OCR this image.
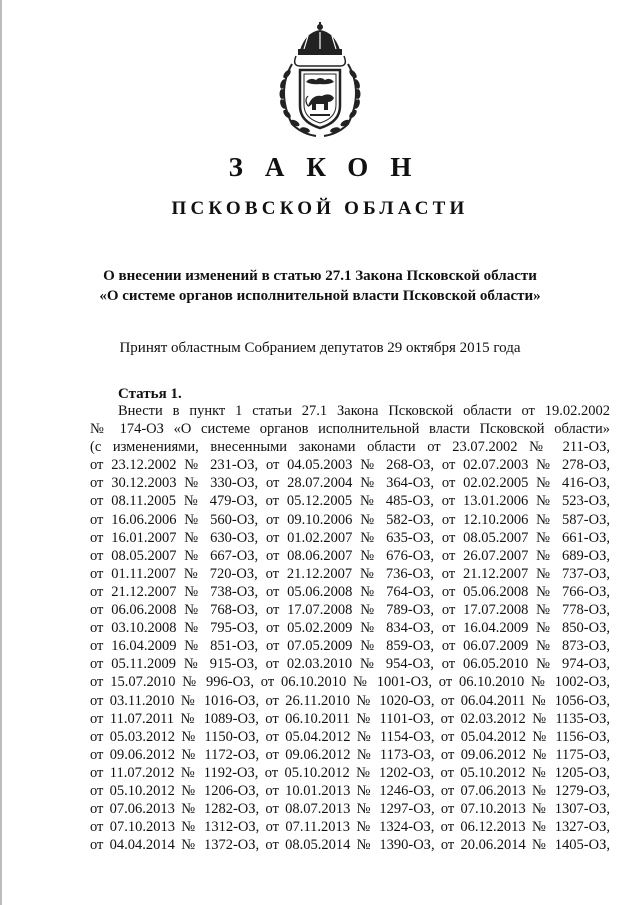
ЗАКОН
ПСКОВСКОЙ ОБЛАСТИ
О внесении изменений в статью 27.1 Закона Псковской области
«О системе органов исполнительной власти Псковской области»
Принят областным Собранием депутатов 29 октября 2015 года
Статья 1.
Внести в пункт 1 статьи 27.1 Закона Псковской области от 19.02.2002
№ 174-ОЗ «О системе органов исполнительной власти Псковской области»
(с изменениями, внесенными законами области от 23.07.2002 № 211-ОЗ,
от 23.12.2002 № 231-ОЗ, от 04.05.2003 № 268-ОЗ, от 02.07.2003 № 278-ОЗ,
от 30.12.2003 № 330-ОЗ, от 28.07.2004 № 364-ОЗ, от 02.02.2005 № 416-ОЗ,
от 08.11.2005 № 479-ОЗ, от 05.12.2005 № 485-ОЗ, от 13.01.2006 № 523-ОЗ,
от 16.06.2006 № 560-ОЗ, от 09.10.2006 № 582-ОЗ, от 12.10.2006 № 587-ОЗ,
от 16.01.2007 № 630-ОЗ, от 01.02.2007 № 635-ОЗ, от 08.05.2007 № 661-ОЗ,
от 08.05.2007 № 667-ОЗ, от 08.06.2007 № 676-ОЗ, от 26.07.2007 № 689-ОЗ,
от 01.11.2007 № 720-ОЗ, от 21.12.2007 № 736-ОЗ, от 21.12.2007 № 737-ОЗ,
от 21.12.2007 № 738-ОЗ, от 05.06.2008 № 764-ОЗ, от 05.06.2008 № 766-ОЗ,
от 06.06.2008 № 768-ОЗ, от 17.07.2008 № 789-ОЗ, от 17.07.2008 № 778-ОЗ,
от 03.10.2008 № 795-ОЗ, от 05.02.2009 № 834-ОЗ, от 16.04.2009 № 850-ОЗ,
от 16.04.2009 № 851-ОЗ, от 07.05.2009 № 859-ОЗ, от 06.07.2009 № 873-ОЗ,
от 05.11.2009 № 915-ОЗ, от 02.03.2010 № 954-ОЗ, от 06.05.2010 № 974-ОЗ,
от 15.07.2010 № 996-ОЗ, от 06.10.2010 № 1001-ОЗ, от 06.10.2010 № 1002-ОЗ,
от 03.11.2010 № 1016-ОЗ, от 26.11.2010 № 1020-ОЗ, от 06.04.2011 № 1056-ОЗ,
от 11.07.2011 № 1089-ОЗ, от 06.10.2011 № 1101-ОЗ, от 02.03.2012 № 1135-ОЗ,
от 05.03.2012 № 1150-ОЗ, от 05.04.2012 № 1154-ОЗ, от 05.04.2012 № 1156-ОЗ,
от 09.06.2012 № 1172-ОЗ, от 09.06.2012 № 1173-ОЗ, от 09.06.2012 № 1175-ОЗ,
от 11.07.2012 № 1192-ОЗ, от 05.10.2012 № 1202-ОЗ, от 05.10.2012 № 1205-ОЗ,
от 05.10.2012 № 1206-ОЗ, от 10.01.2013 № 1246-ОЗ, от 07.06.2013 № 1279-ОЗ,
от 07.06.2013 № 1282-ОЗ, от 08.07.2013 № 1297-ОЗ, от 07.10.2013 № 1307-ОЗ,
от 07.10.2013 № 1312-ОЗ, от 07.11.2013 № 1324-ОЗ, от 06.12.2013 № 1327-ОЗ,
от 04.04.2014 № 1372-ОЗ, от 08.05.2014 № 1390-ОЗ, от 20.06.2014 № 1405-ОЗ,
